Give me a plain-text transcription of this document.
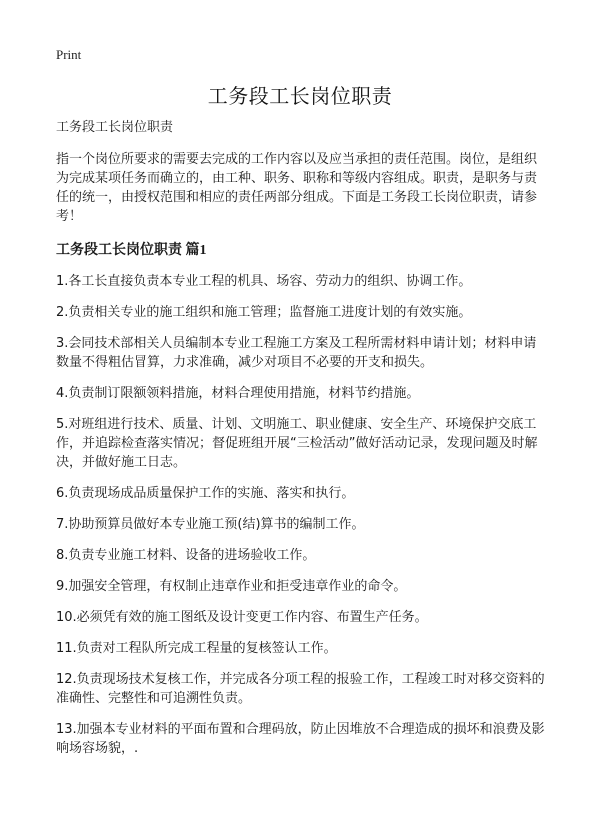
Print
工务段工长岗位职责

工务段工长岗位职责

指一个岗位所要求的需要去完成的工作内容以及应当承担的责任范围。岗位，是组织为完成某项任务而确立的，由工种、职务、职称和等级内容组成。职责，是职务与责任的统一，由授权范围和相应的责任两部分组成。下面是工务段工长岗位职责，请参考！

工务段工长岗位职责 篇1

1.各工长直接负责本专业工程的机具、场容、劳动力的组织、协调工作。

2.负责相关专业的施工组织和施工管理；监督施工进度计划的有效实施。

3.会同技术部相关人员编制本专业工程施工方案及工程所需材料申请计划；材料申请数量不得粗估冒算，力求准确，减少对项目不必要的开支和损失。

4.负责制订限额领料措施，材料合理使用措施，材料节约措施。

5.对班组进行技术、质量、计划、文明施工、职业健康、安全生产、环境保护交底工作，并追踪检查落实情况；督促班组开展“三检活动”做好活动记录，发现问题及时解决，并做好施工日志。

6.负责现场成品质量保护工作的实施、落实和执行。

7.协助预算员做好本专业施工预(结)算书的编制工作。

8.负责专业施工材料、设备的进场验收工作。

9.加强安全管理，有权制止违章作业和拒受违章作业的命令。

10.必须凭有效的施工图纸及设计变更工作内容、布置生产任务。

11.负责对工程队所完成工程量的复核签认工作。

12.负责现场技术复核工作，并完成各分项工程的报验工作，工程竣工时对移交资料的准确性、完整性和可追溯性负责。

13.加强本专业材料的平面布置和合理码放，防止因堆放不合理造成的损坏和浪费及影响场容场貌，.
